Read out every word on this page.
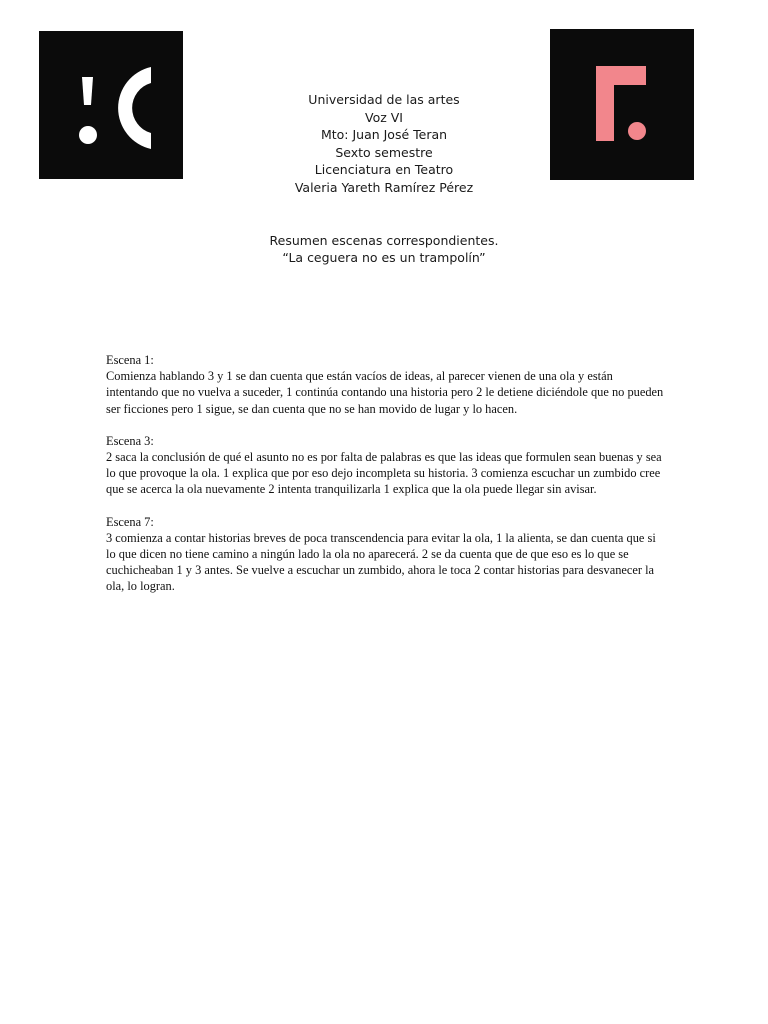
Universidad de las artes
Voz VI
Mto: Juan José Teran
Sexto semestre
Licenciatura en Teatro
Valeria Yareth Ramírez Pérez
Resumen escenas correspondientes.
“La ceguera no es un trampolín”

Escena 1:

Comienza hablando 3 y 1 se dan cuenta que están vacíos de ideas, al parecer vienen de una ola y están intentando que no vuelva a suceder, 1 continúa contando una historia pero 2 le detiene diciéndole que no pueden ser ficciones pero 1 sigue, se dan cuenta que no se han movido de lugar y lo hacen.

Escena 3:

2 saca la conclusión de qué el asunto no es por falta de palabras es que las ideas que formulen sean buenas y sea lo que provoque la ola. 1 explica que por eso dejo incompleta su historia. 3 comienza escuchar un zumbido cree que se acerca la ola nuevamente 2 intenta tranquilizarla 1 explica que la ola puede llegar sin avisar.

Escena 7:

3 comienza a contar historias breves de poca transcendencia para evitar la ola, 1 la alienta, se dan cuenta que si lo que dicen no tiene camino a ningún lado la ola no aparecerá. 2 se da cuenta que de que eso es lo que se cuchicheaban 1 y 3 antes. Se vuelve a escuchar un zumbido, ahora le toca 2 contar historias para desvanecer la ola, lo logran.
